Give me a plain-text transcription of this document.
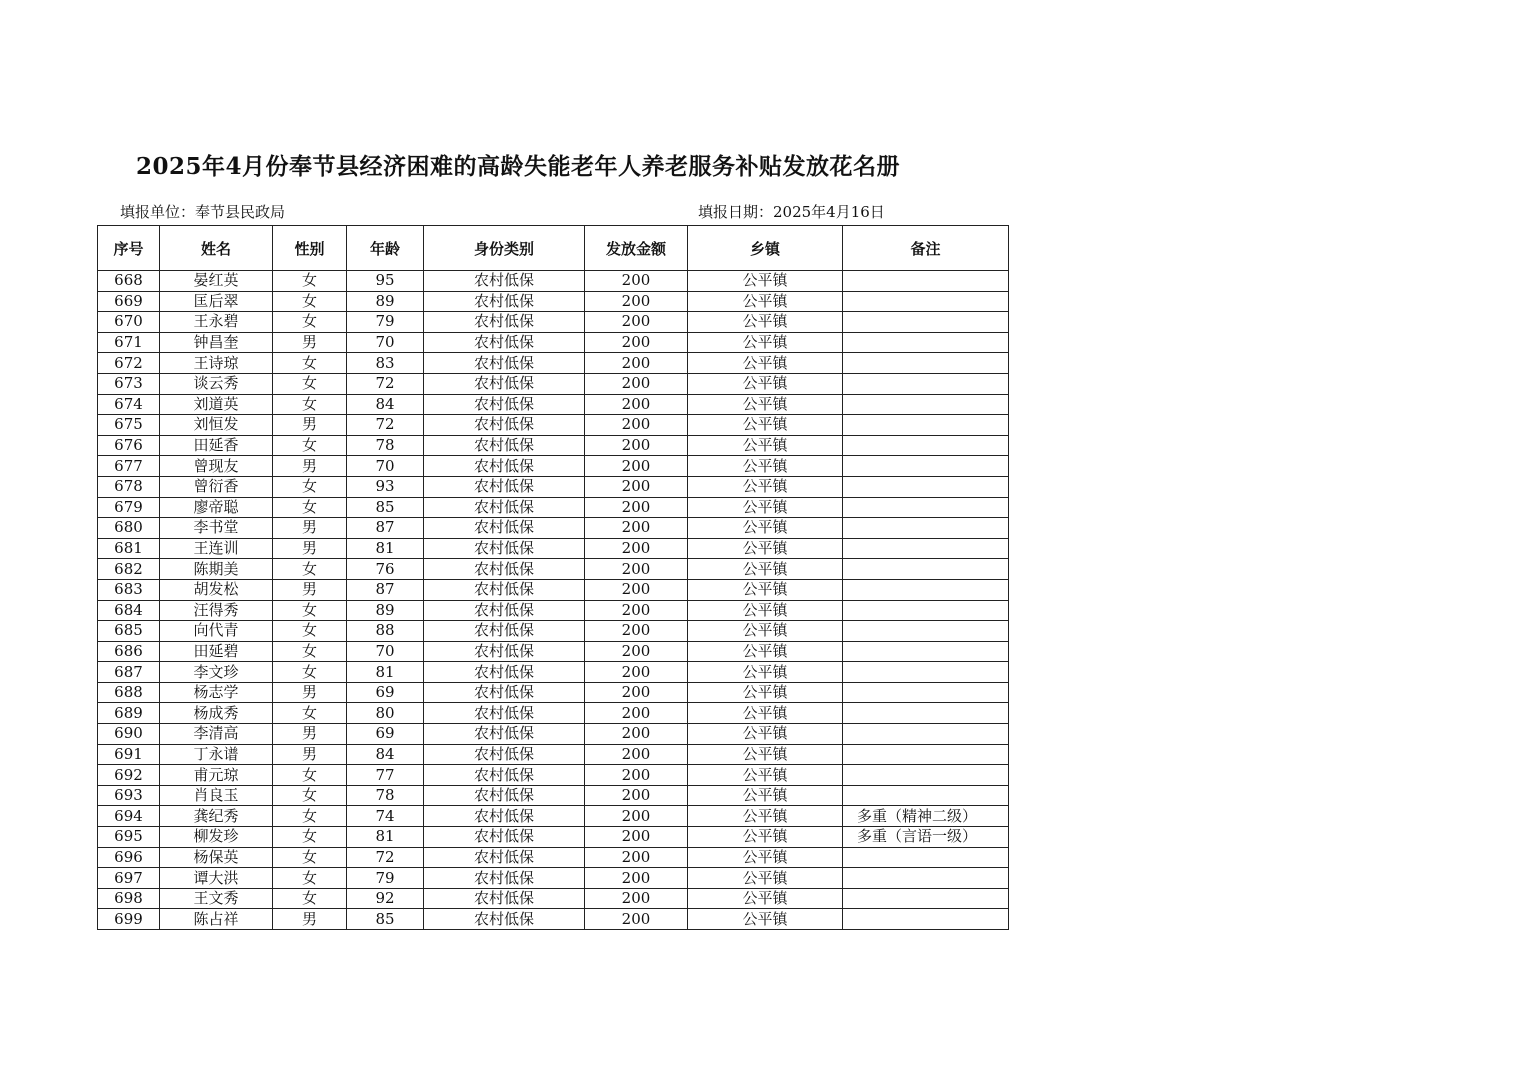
2025年4月份奉节县经济困难的高龄失能老年人养老服务补贴发放花名册
填报单位：奉节县民政局	填报日期：2025年4月16日
序号	姓名	性别	年龄	身份类别	发放金额	乡镇	备注
668	晏红英	女	95	农村低保	200	公平镇	
669	匡后翠	女	89	农村低保	200	公平镇	
670	王永碧	女	79	农村低保	200	公平镇	
671	钟昌奎	男	70	农村低保	200	公平镇	
672	王诗琼	女	83	农村低保	200	公平镇	
673	谈云秀	女	72	农村低保	200	公平镇	
674	刘道英	女	84	农村低保	200	公平镇	
675	刘恒发	男	72	农村低保	200	公平镇	
676	田延香	女	78	农村低保	200	公平镇	
677	曾现友	男	70	农村低保	200	公平镇	
678	曾衍香	女	93	农村低保	200	公平镇	
679	廖帝聪	女	85	农村低保	200	公平镇	
680	李书堂	男	87	农村低保	200	公平镇	
681	王连训	男	81	农村低保	200	公平镇	
682	陈期美	女	76	农村低保	200	公平镇	
683	胡发松	男	87	农村低保	200	公平镇	
684	汪得秀	女	89	农村低保	200	公平镇	
685	向代青	女	88	农村低保	200	公平镇	
686	田延碧	女	70	农村低保	200	公平镇	
687	李文珍	女	81	农村低保	200	公平镇	
688	杨志学	男	69	农村低保	200	公平镇	
689	杨成秀	女	80	农村低保	200	公平镇	
690	李清高	男	69	农村低保	200	公平镇	
691	丁永谱	男	84	农村低保	200	公平镇	
692	甫元琼	女	77	农村低保	200	公平镇	
693	肖良玉	女	78	农村低保	200	公平镇	
694	龚纪秀	女	74	农村低保	200	公平镇	多重（精神二级）
695	柳发珍	女	81	农村低保	200	公平镇	多重（言语一级）
696	杨保英	女	72	农村低保	200	公平镇	
697	谭大洪	女	79	农村低保	200	公平镇	
698	王文秀	女	92	农村低保	200	公平镇	
699	陈占祥	男	85	农村低保	200	公平镇	
